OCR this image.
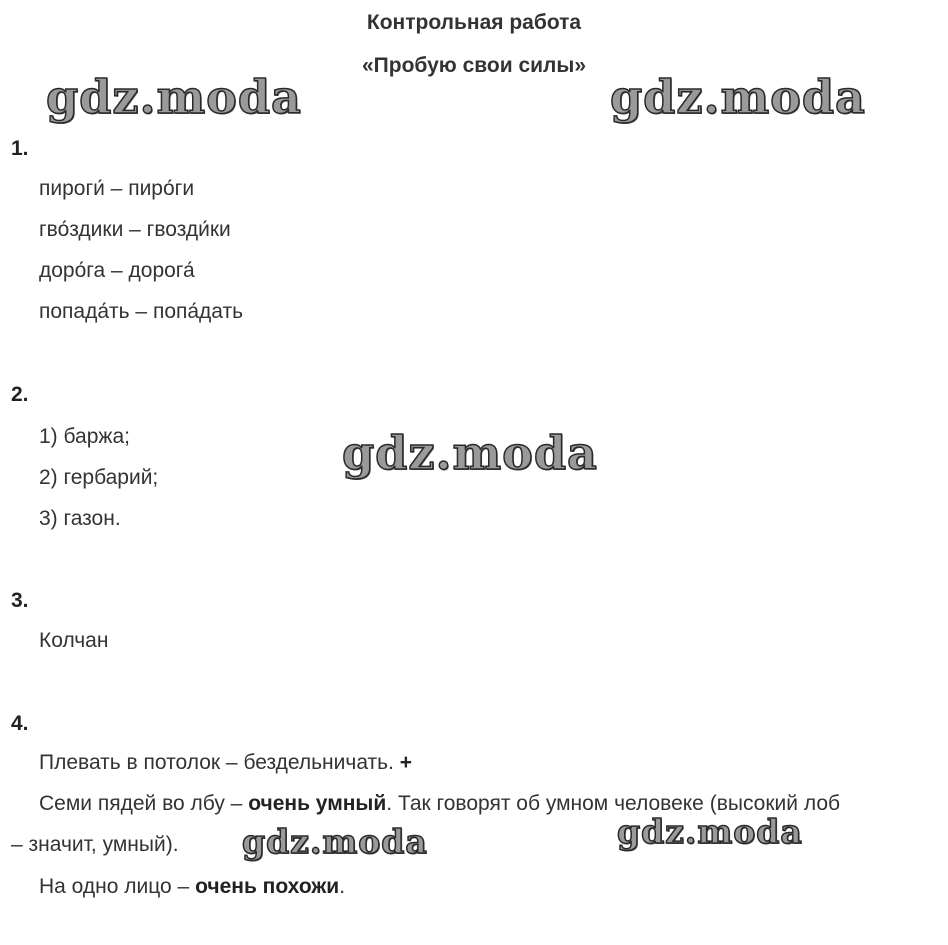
Контрольная работа
«Пробую свои силы»
gdz.moda	gdz.moda
gdz.moda
gdz.moda	gdz.moda
1.
пироги́ – пиро́ги
гво́здики – гвозди́ки
доро́га – дорога́
попада́ть – попа́дать
2.
1) баржа;
2) гербарий;
3) газон.
3.
Колчан
4.
Плевать в потолок – бездельничать. +
Семи пядей во лбу – очень умный. Так говорят об умном человеке (высокий лоб
– значит, умный).
На одно лицо – очень похожи.
